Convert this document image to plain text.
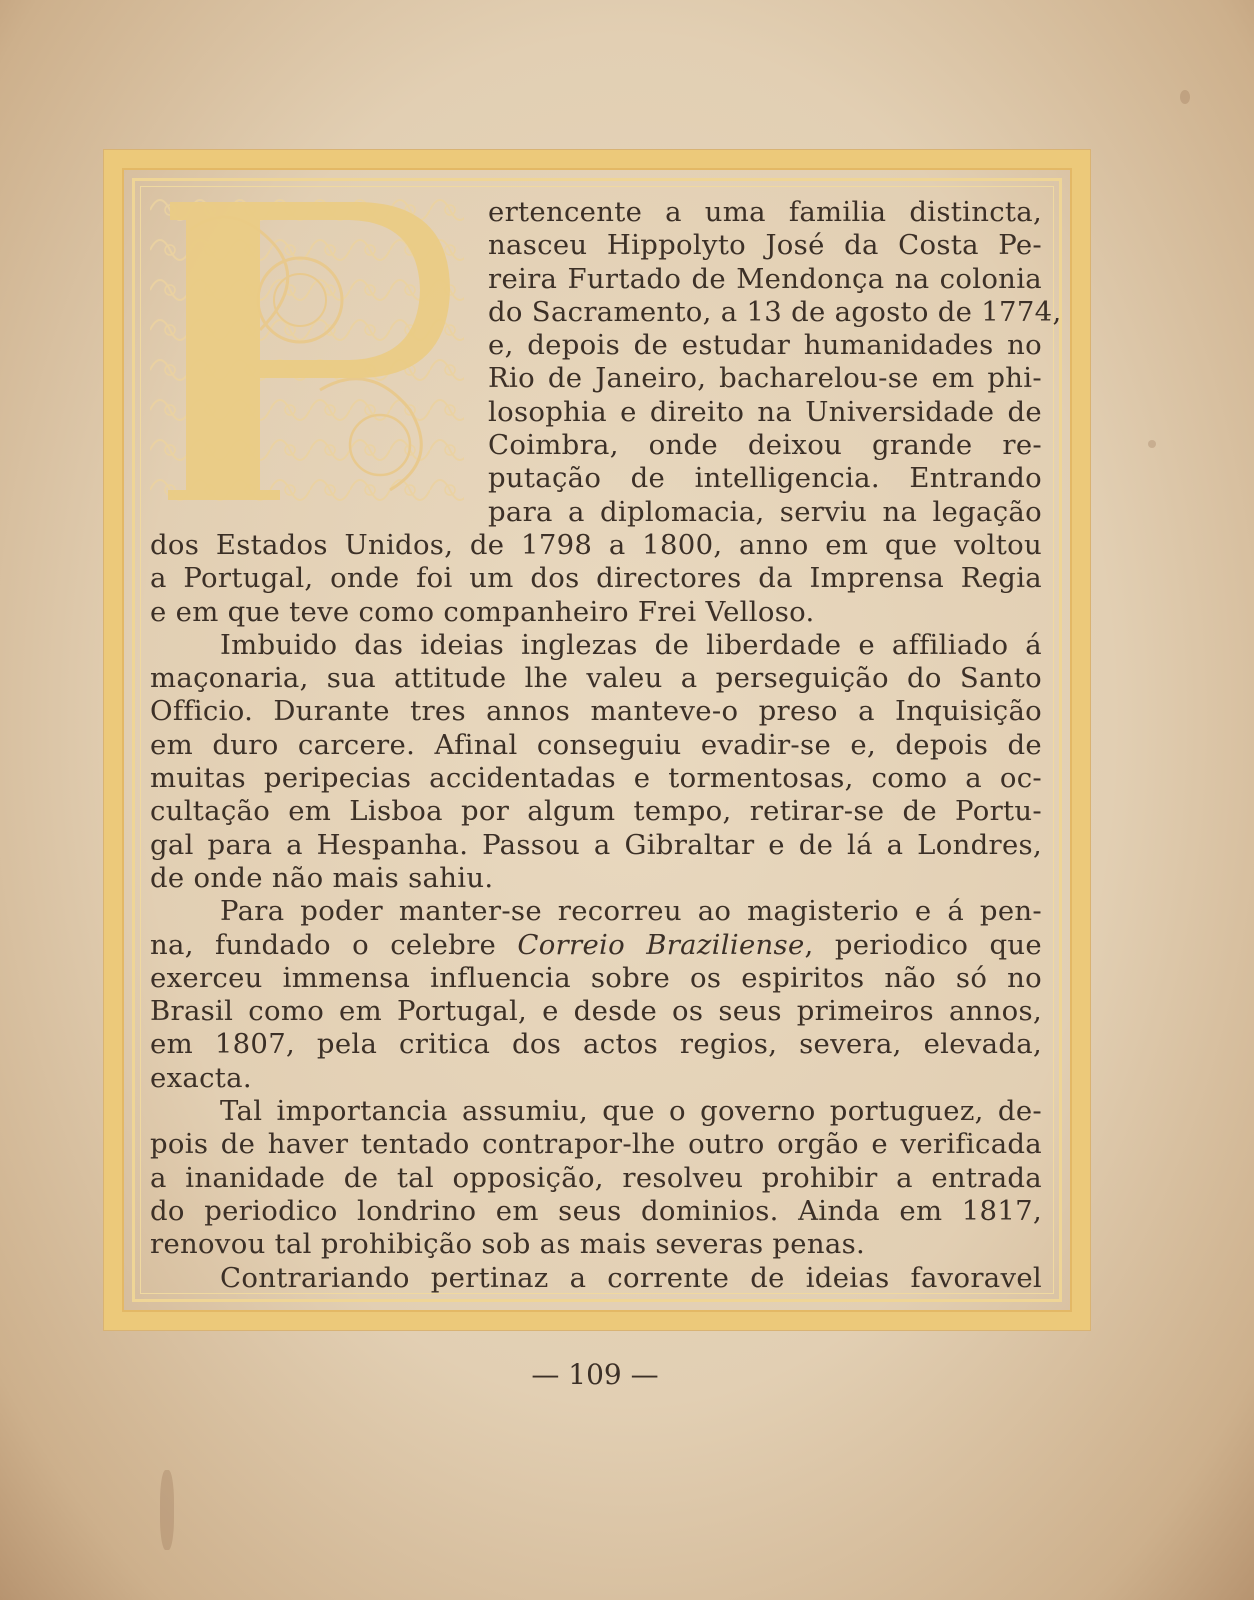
ertencente a uma familia distincta,
nasceu Hippolyto José da Costa Pe-
reira Furtado de Mendonça na colonia
do Sacramento, a 13 de agosto de 1774,
e, depois de estudar humanidades no
Rio de Janeiro, bacharelou-se em phi-
losophia e direito na Universidade de
Coimbra, onde deixou grande re-
putação de intelligencia. Entrando
para a diplomacia, serviu na legação
dos Estados Unidos, de 1798 a 1800, anno em que voltou
a Portugal, onde foi um dos directores da Imprensa Regia
e em que teve como companheiro Frei Velloso.
Imbuido das ideias inglezas de liberdade e affiliado á
maçonaria, sua attitude lhe valeu a perseguição do Santo
Officio. Durante tres annos manteve-o preso a Inquisição
em duro carcere. Afinal conseguiu evadir-se e, depois de
muitas peripecias accidentadas e tormentosas, como a oc-
cultação em Lisboa por algum tempo, retirar-se de Portu-
gal para a Hespanha. Passou a Gibraltar e de lá a Londres,
de onde não mais sahiu.
Para poder manter-se recorreu ao magisterio e á pen-
na, fundado o celebre Correio Braziliense, periodico que
exerceu immensa influencia sobre os espiritos não só no
Brasil como em Portugal, e desde os seus primeiros annos,
em 1807, pela critica dos actos regios, severa, elevada,
exacta.
Tal importancia assumiu, que o governo portuguez, de-
pois de haver tentado contrapor-lhe outro orgão e verificada
a inanidade de tal opposição, resolveu prohibir a entrada
do periodico londrino em seus dominios. Ainda em 1817,
renovou tal prohibição sob as mais severas penas.
Contrariando pertinaz a corrente de ideias favoravel
— 109 —
